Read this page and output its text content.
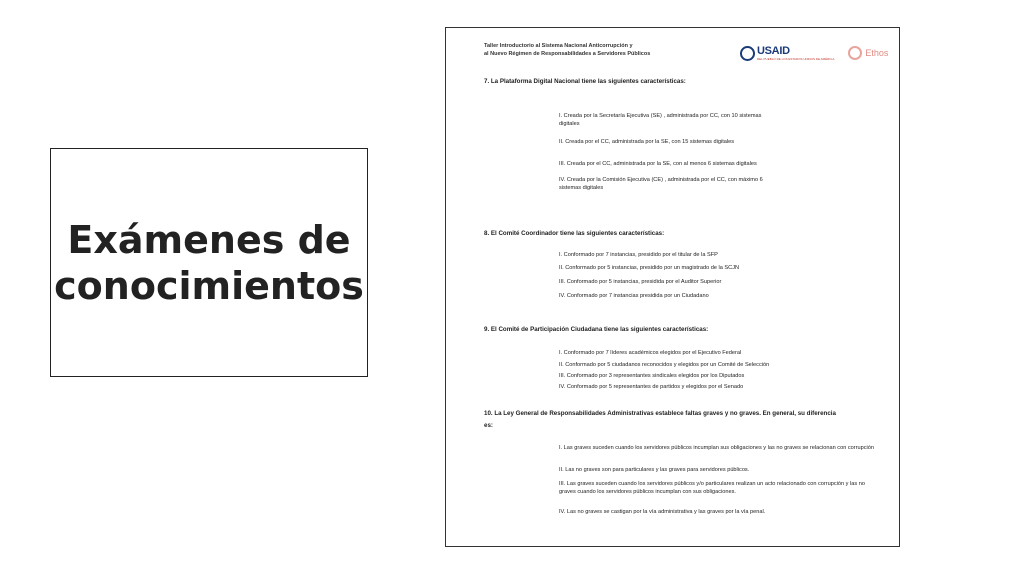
Exámenes de
conocimientos
Taller Introductorio al Sistema Nacional Anticorrupción y
al Nuevo Régimen de Responsabilidades a Servidores Públicos	USAID
DEL PUEBLO DE LOS ESTADOS UNIDOS DE AMÉRICA
Ethos
7. La Plataforma Digital Nacional tiene las siguientes características:
I. Creada por la Secretaría Ejecutiva (SE) , administrada por CC, con 10 sistemas digitales
II. Creada por el CC, administrada por la SE, con 15 sistemas digitales
III. Creada por el CC, administrada por la SE, con al menos 6 sistemas digitales
IV. Creada por la Comisión Ejecutiva (CE) , administrada por el CC, con máximo 6 sistemas digitales
8. El Comité Coordinador tiene las siguientes características:
I. Conformado por 7 instancias, presidido por el titular de la SFP
II. Conformado por 5 instancias, presidido por un magistrado de la SCJN
III. Conformado por 5 instancias, presidida por el Auditor Superior
IV. Conformado por 7 instancias presidida por un Ciudadano
9. El Comité de Participación Ciudadana tiene las siguientes características:
I. Conformado por 7 líderes académicos elegidos por el Ejecutivo Federal
II. Conformado por 5 ciudadanos reconocidos y elegidos por un Comité de Selección
III. Conformado por 3 representantes sindicales elegidos por los Diputados
IV. Conformado por 5 representantes de partidos y elegidos por el Senado
10. La Ley General de Responsabilidades Administrativas establece faltas graves y no graves. En general, su diferencia es:
I. Las graves suceden cuando los servidores públicos incumplan sus obligaciones y las no graves se relacionan con corrupción
II. Las no graves son para particulares y las graves para servidores públicos.
III. Las graves suceden cuando los servidores públicos y/o particulares realizan un acto relacionado con corrupción y las no graves cuando los servidores públicos incumplan con sus obligaciones.
IV. Las no graves se castigan por la vía administrativa y las graves por la vía penal.
